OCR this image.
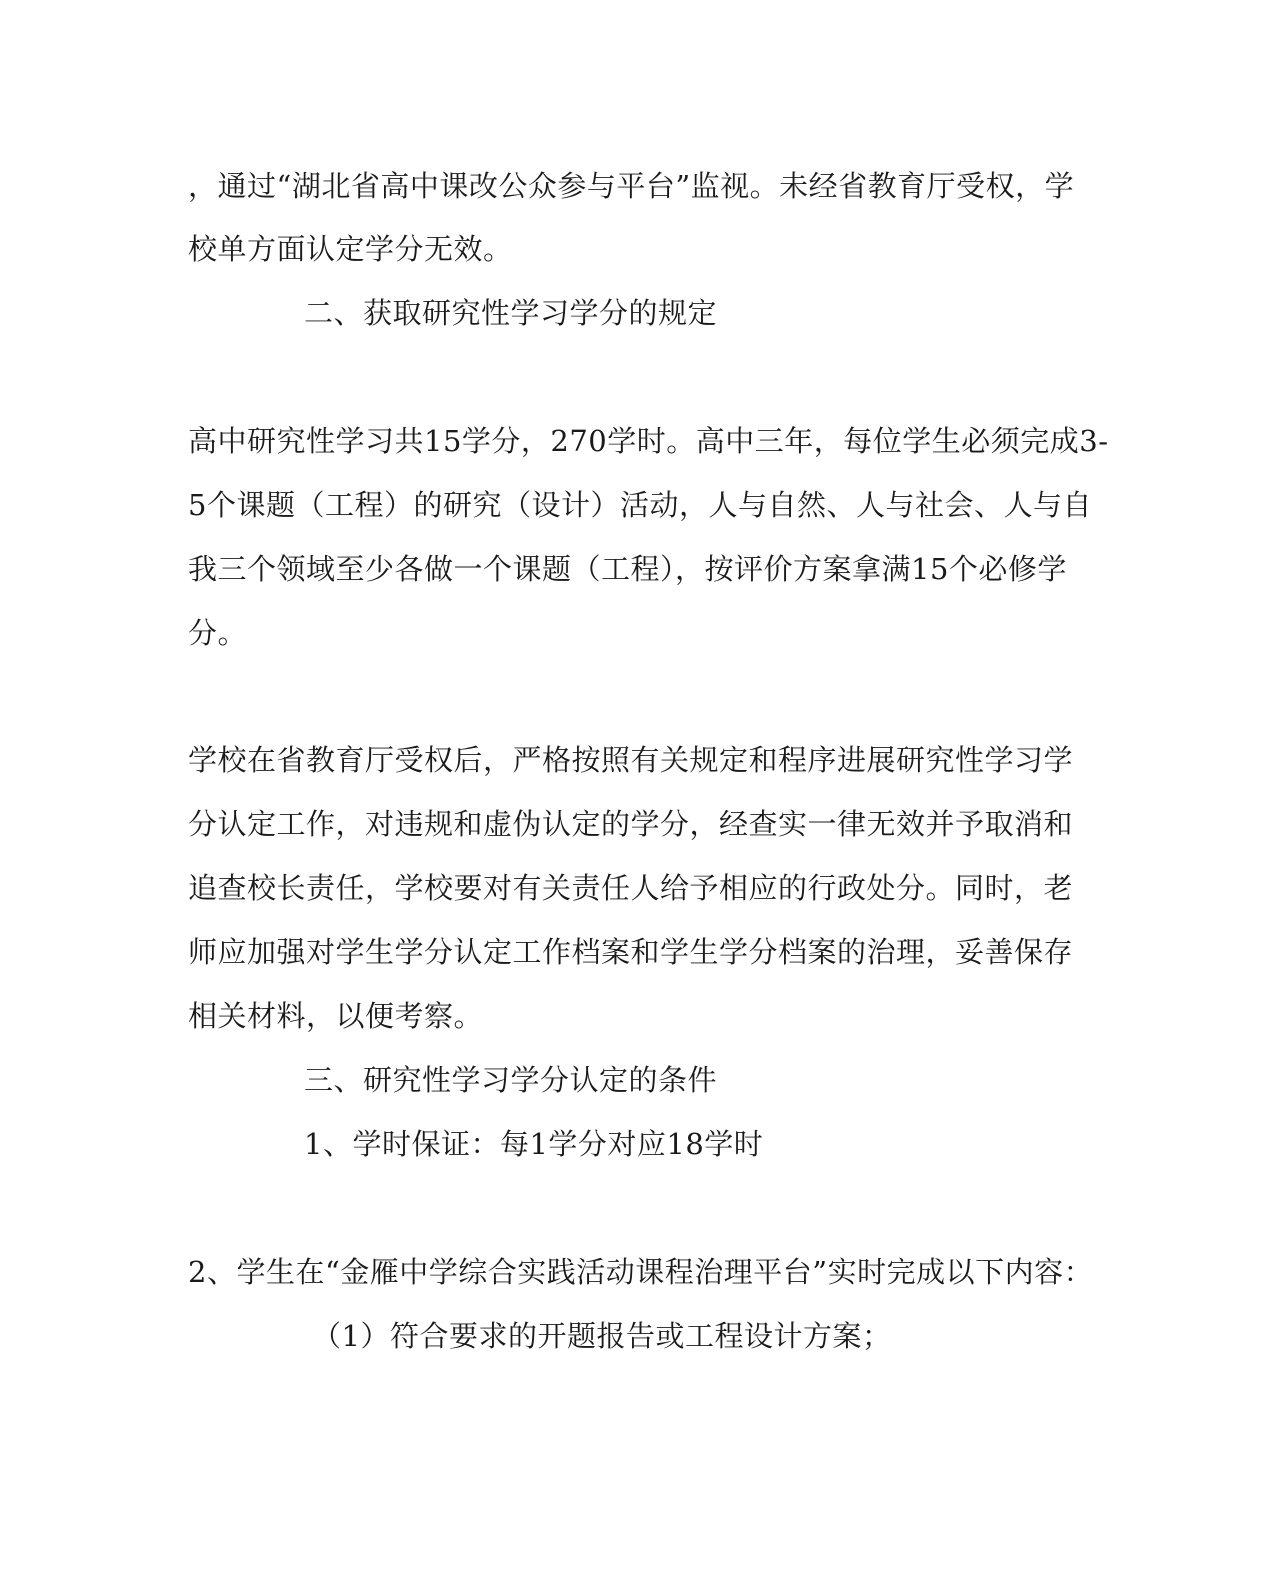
，通过“湖北省高中课改公众参与平台”监视。未经省教育厅受权，学
校单方面认定学分无效。
二、获取研究性学习学分的规定
高中研究性学习共15学分，270学时。高中三年，每位学生必须完成3-
5个课题（工程）的研究（设计）活动，人与自然、人与社会、人与自
我三个领域至少各做一个课题（工程），按评价方案拿满15个必修学
分。
学校在省教育厅受权后，严格按照有关规定和程序进展研究性学习学
分认定工作，对违规和虚伪认定的学分，经查实一律无效并予取消和
追查校长责任，学校要对有关责任人给予相应的行政处分。同时，老
师应加强对学生学分认定工作档案和学生学分档案的治理，妥善保存
相关材料，以便考察。
三、研究性学习学分认定的条件
1、学时保证：每1学分对应18学时
2、学生在“金雁中学综合实践活动课程治理平台”实时完成以下内容：
（1）符合要求的开题报告或工程设计方案；
